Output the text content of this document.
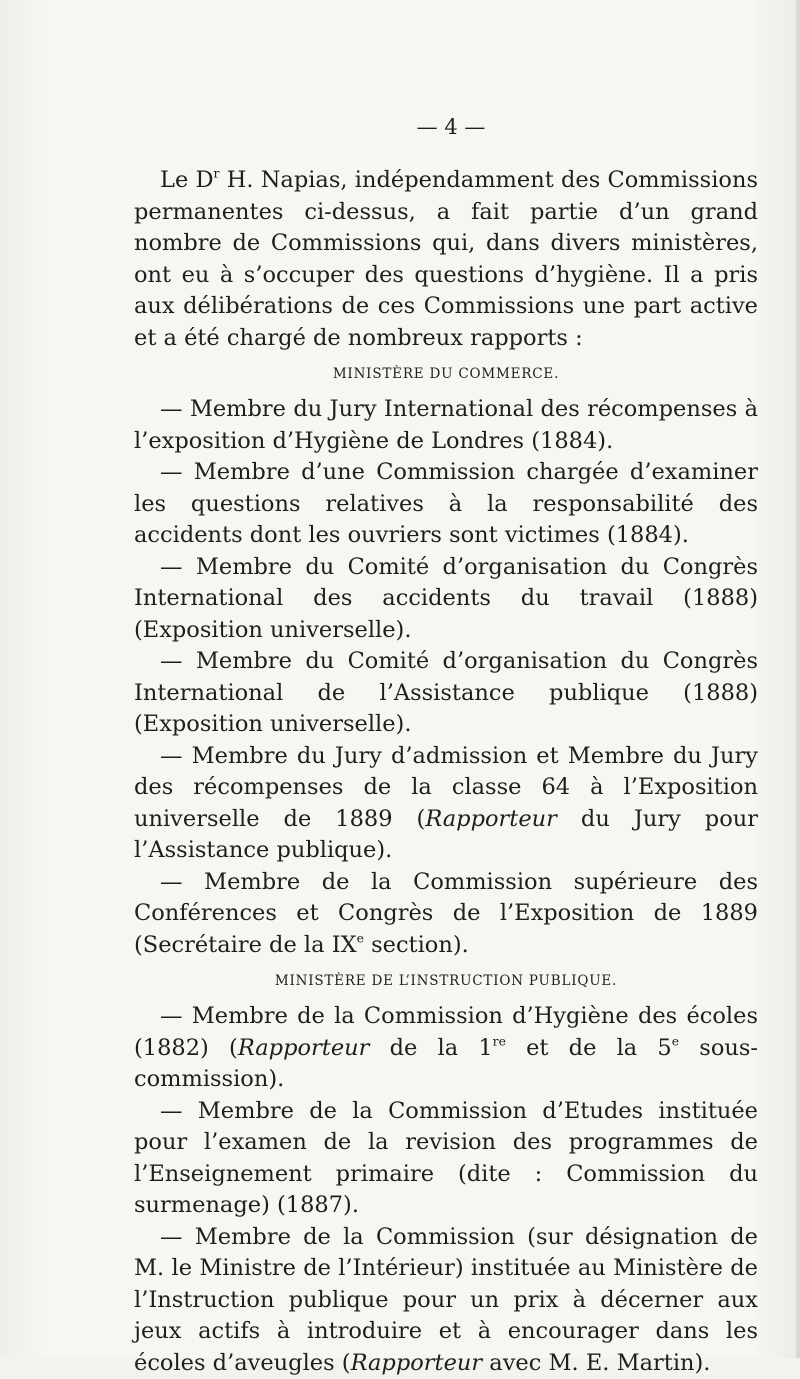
— 4 —

Le $D^r$ H. Napias, indépendamment des Commissions permanentes ci-dessus, a fait partie d’un grand nombre de Commissions qui, dans divers ministères, ont eu à s’occuper des questions d’hygiène. Il a pris aux délibérations de ces Commissions une part active et a été chargé de nombreux rapports :

MINISTÈRE DU COMMERCE.

— Membre du Jury International des récompenses à l’exposition d’Hygiène de Londres (1884).

— Membre d’une Commission chargée d’examiner les questions relatives à la responsabilité des accidents dont les ouvriers sont victimes (1884).

— Membre du Comité d’organisation du Congrès International des accidents du travail (1888) (Exposition universelle).

— Membre du Comité d’organisation du Congrès International de l’Assistance publique (1888) (Exposition universelle).

— Membre du Jury d’admission et Membre du Jury des récompenses de la classe 64 à l’Exposition universelle de 1889 (Rapporteur du Jury pour l’Assistance publique).

— Membre de la Commission supérieure des Conférences et Congrès de l’Exposition de 1889 (Secrétaire de la IXe section).

MINISTÈRE DE L’INSTRUCTION PUBLIQUE.

— Membre de la Commission d’Hygiène des écoles (1882) (Rapporteur de la 1re et de la 5e sous-commission).

— Membre de la Commission d’Etudes instituée pour l’examen de la revision des programmes de l’Enseignement primaire (dite : Commission du surmenage) (1887).

— Membre de la Commission (sur désignation de M. le Ministre de l’Intérieur) instituée au Ministère de l’Instruction publique pour un prix à décerner aux jeux actifs à introduire et à encourager dans les écoles d’aveugles (Rapporteur avec M. E. Martin).
